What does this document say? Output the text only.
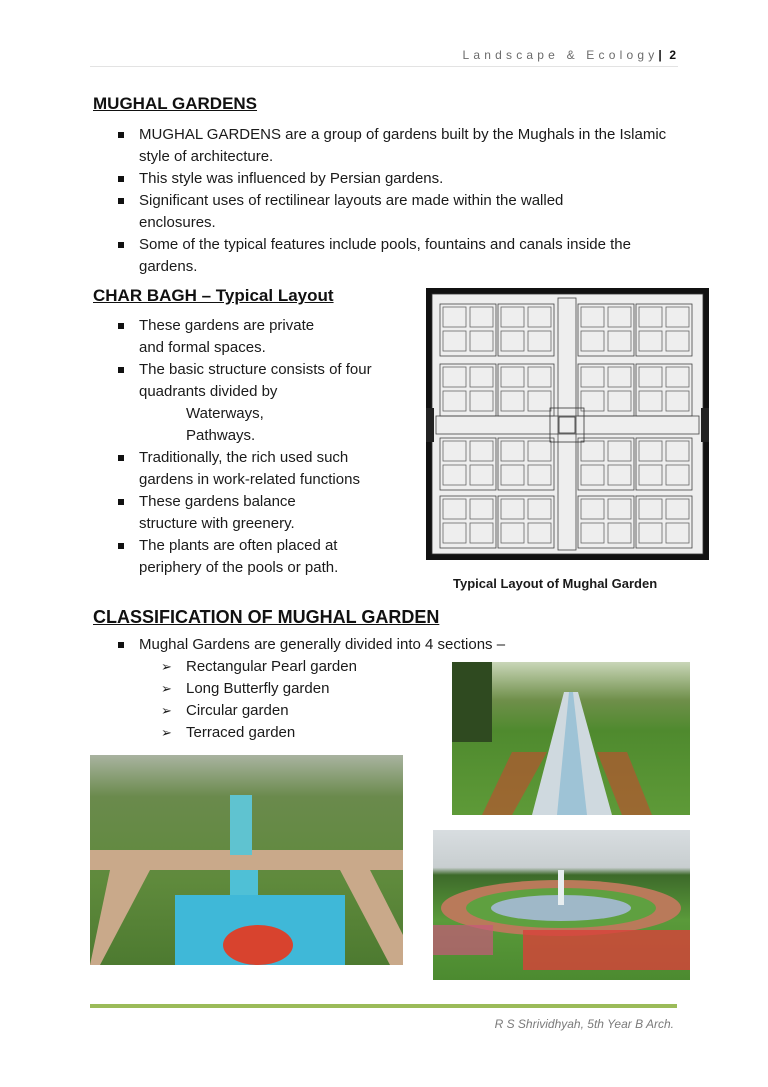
Landscape & Ecology| 2
MUGHAL GARDENS
MUGHAL GARDENS are a group of gardens built by the Mughals in the Islamic style of architecture.
This style was influenced by Persian gardens.
Significant uses of rectilinear layouts are made within the walled enclosures.
Some of the typical features include pools, fountains and canals inside the gardens.
CHAR BAGH – Typical Layout
These gardens are private and formal spaces.
The basic structure consists of four quadrants divided by
Waterways,
Pathways.
Traditionally, the rich used such gardens in work-related functions
These gardens balance structure with greenery.
The plants are often placed at periphery of the pools or path.
Typical Layout of Mughal Garden
CLASSIFICATION OF MUGHAL GARDEN
Mughal Gardens are generally divided into 4 sections –
➢ Rectangular Pearl garden
➢ Long Butterfly garden
➢ Circular garden
➢ Terraced garden
R S Shrividhyah, 5th Year B Arch.
